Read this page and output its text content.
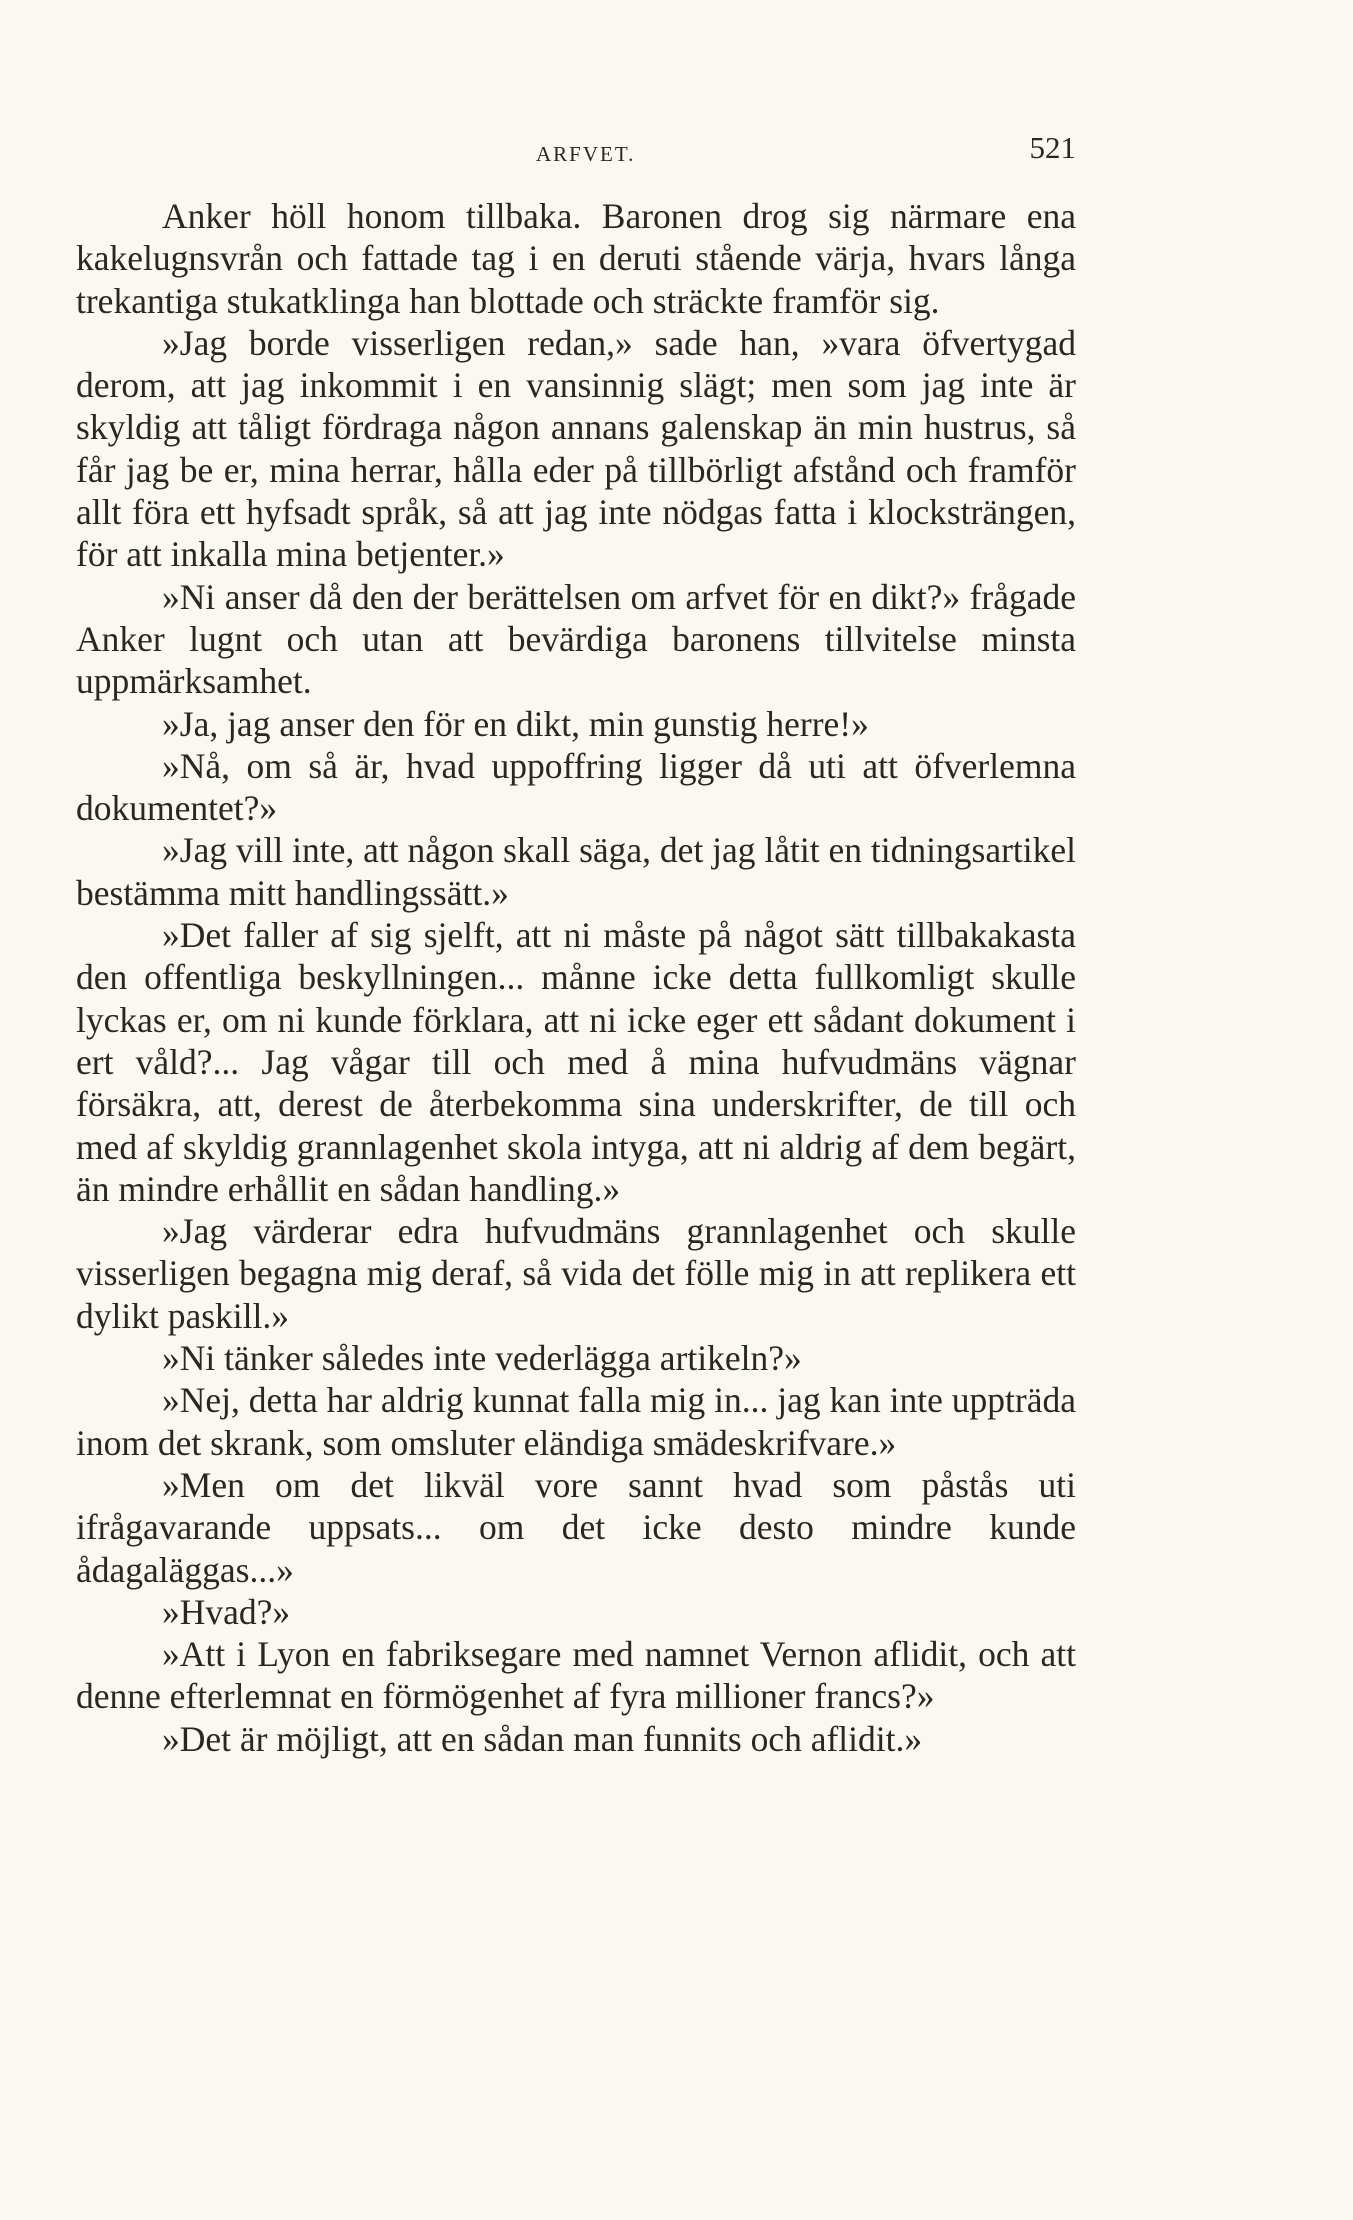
ARFVET.	521

Anker höll honom tillbaka. Baronen drog sig närmare ena kakelugnsvrån och fattade tag i en deruti stående värja, hvars långa trekantiga stukatklinga han blottade och sträckte framför sig.

»Jag borde visserligen redan,» sade han, »vara öfvertygad derom, att jag inkommit i en vansinnig slägt; men som jag inte är skyldig att tåligt fördraga någon annans galenskap än min hustrus, så får jag be er, mina herrar, hålla eder på tillbörligt afstånd och framför allt föra ett hyfsadt språk, så att jag inte nödgas fatta i klocksträngen, för att inkalla mina betjenter.»

»Ni anser då den der berättelsen om arfvet för en dikt?» frågade Anker lugnt och utan att bevärdiga baronens tillvitelse minsta uppmärksamhet.

»Ja, jag anser den för en dikt, min gunstig herre!»

»Nå, om så är, hvad uppoffring ligger då uti att öfverlemna dokumentet?»

»Jag vill inte, att någon skall säga, det jag låtit en tidningsartikel bestämma mitt handlingssätt.»

»Det faller af sig sjelft, att ni måste på något sätt tillbakakasta den offentliga beskyllningen... månne icke detta fullkomligt skulle lyckas er, om ni kunde förklara, att ni icke eger ett sådant dokument i ert våld?... Jag vågar till och med å mina hufvudmäns vägnar försäkra, att, derest de återbekomma sina underskrifter, de till och med af skyldig grannlagenhet skola intyga, att ni aldrig af dem begärt, än mindre erhållit en sådan handling.»

»Jag värderar edra hufvudmäns grannlagenhet och skulle visserligen begagna mig deraf, så vida det fölle mig in att replikera ett dylikt paskill.»

»Ni tänker således inte vederlägga artikeln?»

»Nej, detta har aldrig kunnat falla mig in... jag kan inte uppträda inom det skrank, som omsluter eländiga smädeskrifvare.»

»Men om det likväl vore sannt hvad som påstås uti ifrågavarande uppsats... om det icke desto mindre kunde ådagaläggas...»

»Hvad?»

»Att i Lyon en fabriksegare med namnet Vernon aflidit, och att denne efterlemnat en förmögenhet af fyra millioner francs?»

»Det är möjligt, att en sådan man funnits och aflidit.»
